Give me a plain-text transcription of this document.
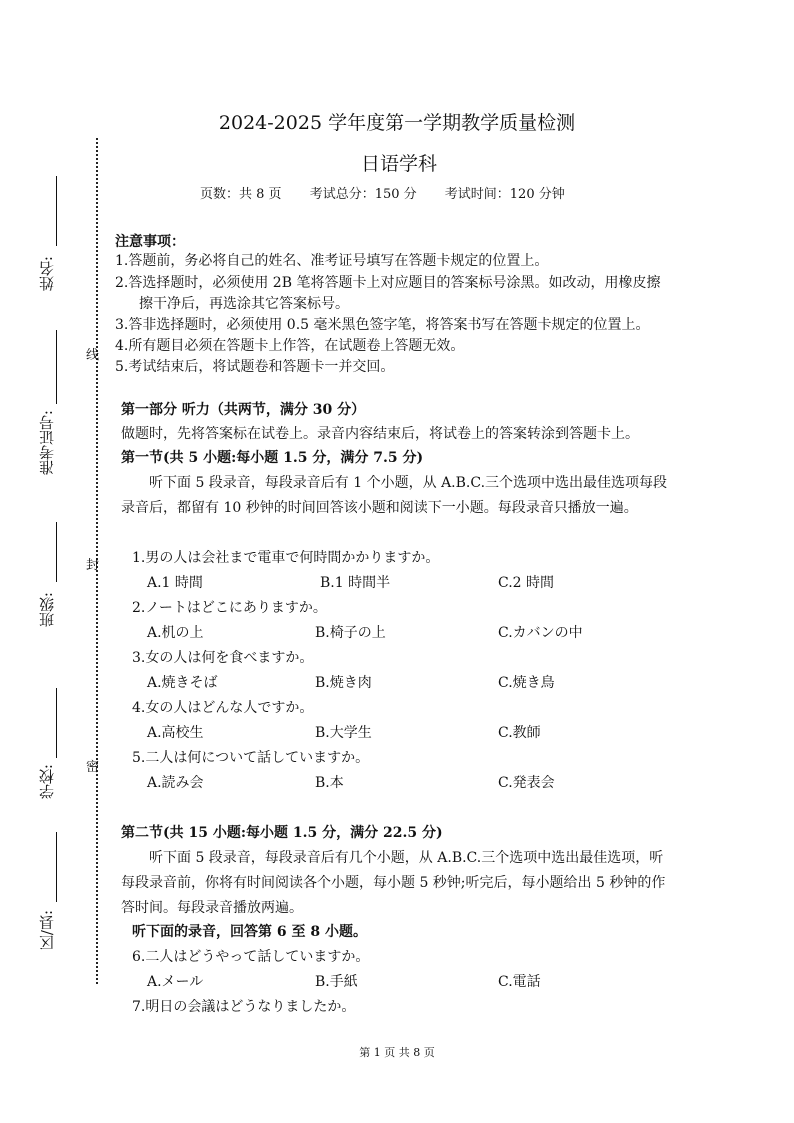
姓名:
准考证号:
班级:
学校:
区/县:
线
封
密
2024-2025 学年度第一学期教学质量检测
日语学科
页数：共 8 页 考试总分：150 分 考试时间：120 分钟
注意事项：
1.答题前，务必将自己的姓名、准考证号填写在答题卡规定的位置上。
2.答选择题时，必须使用 2B 笔将答题卡上对应题目的答案标号涂黑。如改动，用橡皮擦
擦干净后，再选涂其它答案标号。
3.答非选择题时，必须使用 0.5 毫米黑色签字笔，将答案书写在答题卡规定的位置上。
4.所有题目必须在答题卡上作答，在试题卷上答题无效。
5.考试结束后，将试题卷和答题卡一并交回。
第一部分 听力（共两节，满分 30 分）
做题时，先将答案标在试卷上。录音内容结束后，将试卷上的答案转涂到答题卡上。
第一节(共 5 小题:每小题 1.5 分，满分 7.5 分)
听下面 5 段录音，每段录音后有 1 个小题，从 A.B.C.三个选项中选出最佳选项每段
录音后，都留有 10 秒钟的时间回答该小题和阅读下一小题。每段录音只播放一遍。
1.男の人は会社まで電車で何時間かかりますか。
A.1 時間	B.1 時間半	C.2 時間
2.ノートはどこにありますか。
A.机の上	B.椅子の上	C.カバンの中
3.女の人は何を食べますか。
A.焼きそば	B.焼き肉	C.焼き鳥
4.女の人はどんな人ですか。
A.高校生	B.大学生	C.教師
5.二人は何について話していますか。
A.読み会	B.本	C.発表会
第二节(共 15 小题:每小题 1.5 分，满分 22.5 分)
听下面 5 段录音，每段录音后有几个小题，从 A.B.C.三个选项中选出最佳选项，听
每段录音前，你将有时间阅读各个小题，每小题 5 秒钟;听完后，每小题给出 5 秒钟的作
答时间。每段录音播放两遍。
听下面的录音，回答第 6 至 8 小题。
6.二人はどうやって話していますか。
A.メール	B.手紙	C.電話
7.明日の会議はどうなりましたか。
第 1 页 共 8 页
